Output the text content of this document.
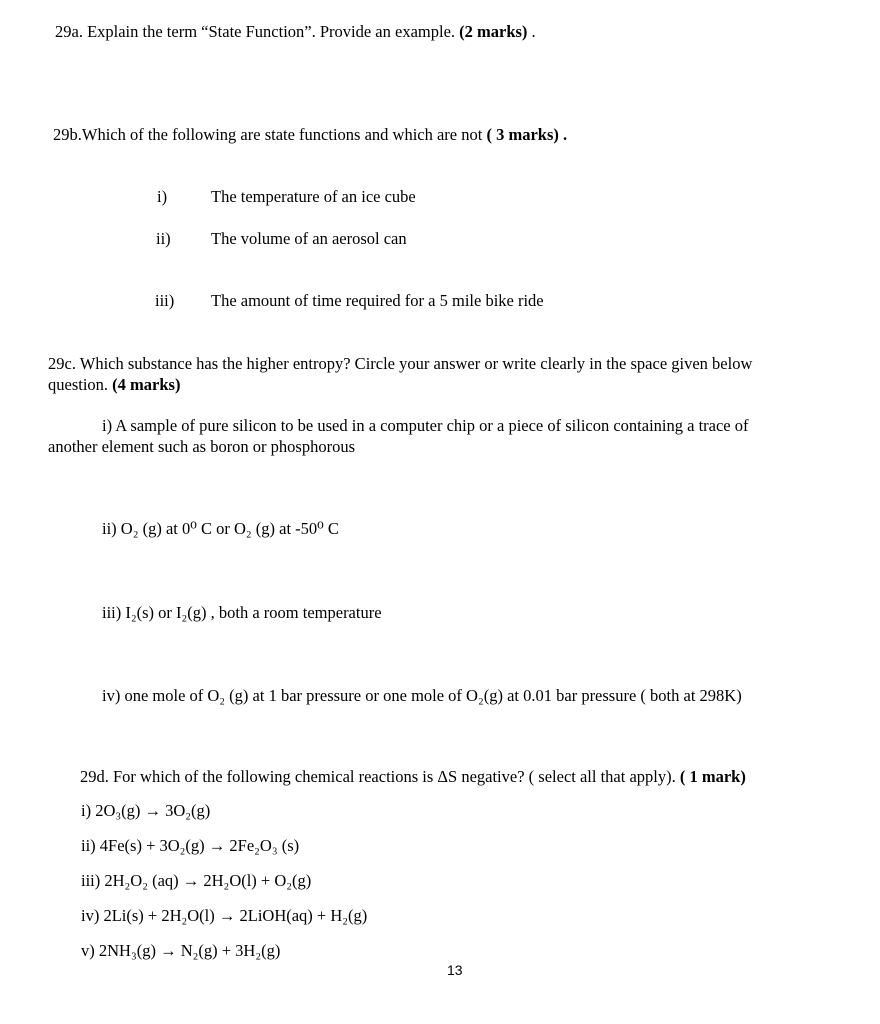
29a. Explain the term “State Function”. Provide an example. (2 marks) .
29b.Which of the following are state functions and which are not ( 3 marks) .
i)	The temperature of an ice cube
ii) The volume of an aerosol can
iii) The amount of time required for a 5 mile bike ride
29c. Which substance has the higher entropy? Circle your answer or write clearly in the space given below
question. (4 marks)
i) A sample of pure silicon to be used in a computer chip or a piece of silicon containing a trace of
another element such as boron or phosphorous
ii) O₂ (g) at 0⁰ C or O₂ (g) at -50⁰ C
iii) I₂(s) or I₂(g) , both a room temperature
iv) one mole of O₂ (g) at 1 bar pressure or one mole of O₂(g) at 0.01 bar pressure ( both at 298K)
29d. For which of the following chemical reactions is ΔS negative? ( select all that apply). ( 1 mark)
i) 2O₃(g) → 3O₂(g)
ii) 4Fe(s) + 3O₂(g) → 2Fe₂O₃ (s)
iii) 2H₂O₂ (aq) → 2H₂O(l) + O₂(g)
iv) 2Li(s) + 2H₂O(l) → 2LiOH(aq) + H₂(g)
v) 2NH₃(g) → N₂(g) + 3H₂(g)
13
